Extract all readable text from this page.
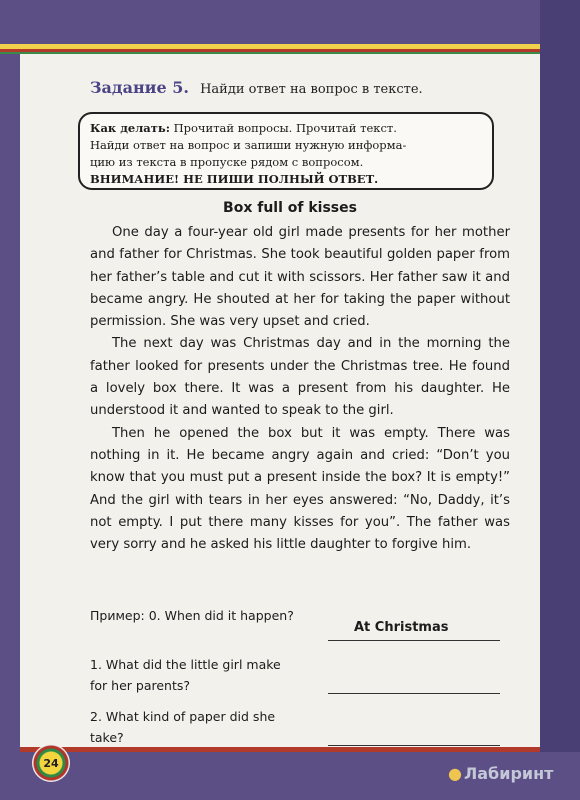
Задание 5. Найди ответ на вопрос в тексте.
Как делать: Прочитай вопросы. Прочитай текст.
Найди ответ на вопрос и запиши нужную информа-
цию из текста в пропуске рядом с вопросом.
ВНИМАНИЕ! НЕ ПИШИ ПОЛНЫЙ ОТВЕТ.
Box full of kisses

One day a four-year old girl made presents for her mother and father for Christmas. She took beautiful golden paper from her father’s table and cut it with scissors. Her father saw it and became angry. He shouted at her for taking the paper without permission. She was very upset and cried.

The next day was Christmas day and in the morning the father looked for presents under the Christmas tree. He found a lovely box there. It was a present from his daughter. He understood it and wanted to speak to the girl.

Then he opened the box but it was empty. There was nothing in it. He became angry again and cried: “Don’t you know that you must put a present inside the box? It is empty!” And the girl with tears in her eyes answered: “No, Daddy, it’s not empty. I put there many kisses for you”. The father was very sorry and he asked his little daughter to forgive him.

Пример: 0. When did it happen?
At Christmas
1. What did the little girl make for her parents?
2. What kind of paper did she take?
24
● Лабиринт
